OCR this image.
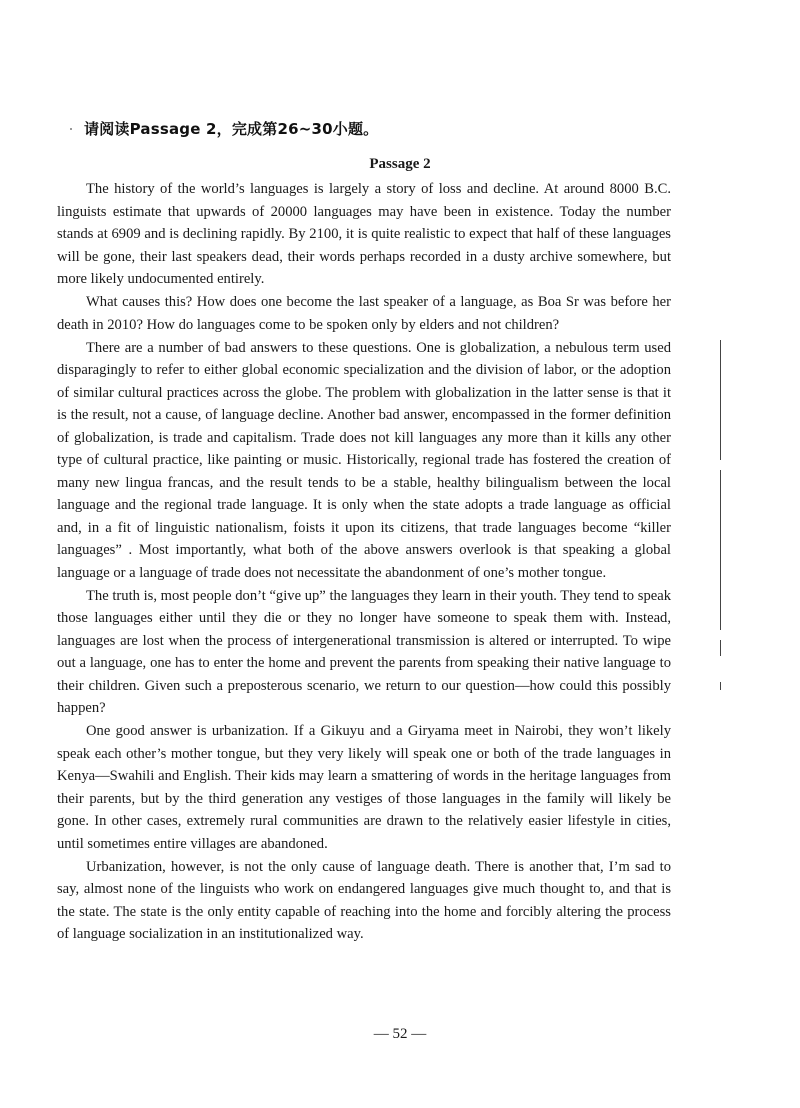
请阅读Passage 2，完成第26~30小题。
Passage 2

The history of the world’s languages is largely a story of loss and decline. At around 8000 B.C. linguists estimate that upwards of 20000 languages may have been in existence. Today the number stands at 6909 and is declining rapidly. By 2100, it is quite realistic to expect that half of these languages will be gone, their last speakers dead, their words perhaps recorded in a dusty archive somewhere, but more likely undocumented entirely.

What causes this? How does one become the last speaker of a language, as Boa Sr was before her death in 2010? How do languages come to be spoken only by elders and not children?

There are a number of bad answers to these questions. One is globalization, a nebulous term used disparagingly to refer to either global economic specialization and the division of labor, or the adoption of similar cultural practices across the globe. The problem with globalization in the latter sense is that it is the result, not a cause, of language decline. Another bad answer, encompassed in the former definition of globalization, is trade and capitalism. Trade does not kill languages any more than it kills any other type of cultural practice, like painting or music. Historically, regional trade has fostered the creation of many new lingua francas, and the result tends to be a stable, healthy bilingualism between the local language and the regional trade language. It is only when the state adopts a trade language as official and, in a fit of linguistic nationalism, foists it upon its citizens, that trade languages become “killer languages” . Most importantly, what both of the above answers overlook is that speaking a global language or a language of trade does not necessitate the abandonment of one’s mother tongue.

The truth is, most people don’t “give up” the languages they learn in their youth. They tend to speak those languages either until they die or they no longer have someone to speak them with. Instead, languages are lost when the process of intergenerational transmission is altered or interrupted. To wipe out a language, one has to enter the home and prevent the parents from speaking their native language to their children. Given such a preposterous scenario, we return to our question—how could this possibly happen?

One good answer is urbanization. If a Gikuyu and a Giryama meet in Nairobi, they won’t likely speak each other’s mother tongue, but they very likely will speak one or both of the trade languages in Kenya—Swahili and English. Their kids may learn a smattering of words in the heritage languages from their parents, but by the third generation any vestiges of those languages in the family will likely be gone. In other cases, extremely rural communities are drawn to the relatively easier lifestyle in cities, until sometimes entire villages are abandoned.

Urbanization, however, is not the only cause of language death. There is another that, I’m sad to say, almost none of the linguists who work on endangered languages give much thought to, and that is the state. The state is the only entity capable of reaching into the home and forcibly altering the process of language socialization in an institutionalized way.

— 52 —
